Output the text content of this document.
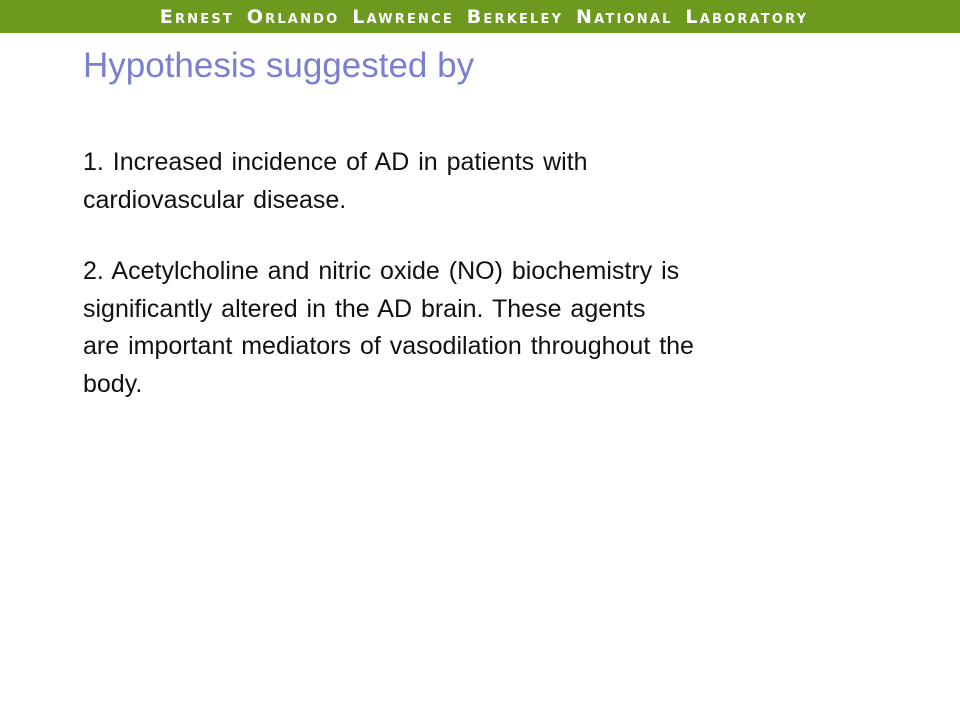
Ernest Orlando Lawrence Berkeley National Laboratory
Hypothesis suggested by

1. Increased incidence of AD in patients with
cardiovascular disease.

2. Acetylcholine and nitric oxide (NO) biochemistry is
significantly altered in the AD brain. These agents
are important mediators of vasodilation throughout the
body.
